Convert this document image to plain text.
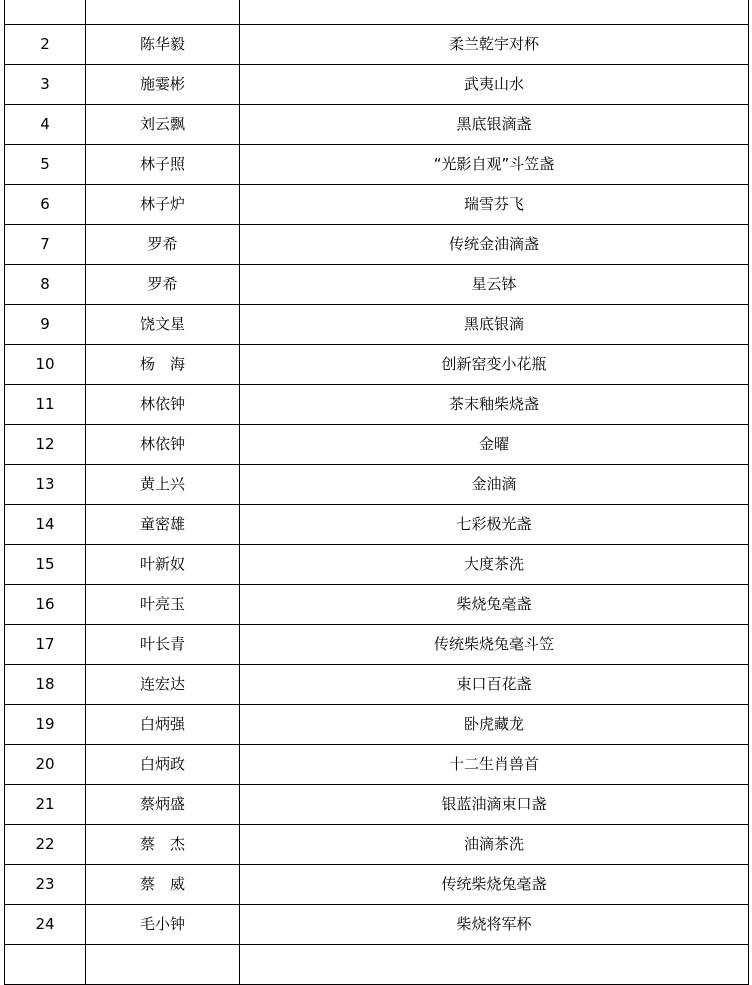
2	陈华毅	柔兰乾宇对杯
3	施霎彬	武夷山水
4	刘云飘	黑底银滴盏
5	林子照	“光影自观”斗笠盏
6	林子炉	瑞雪芬飞
7	罗希	传统金油滴盏
8	罗希	星云钵
9	饶文星	黑底银滴
10	杨　海	创新窑变小花瓶
11	林依钟	茶末釉柴烧盏
12	林依钟	金曜
13	黄上兴	金油滴
14	童密雄	七彩极光盏
15	叶新奴	大度茶洗
16	叶亮玉	柴烧兔毫盏
17	叶长青	传统柴烧兔毫斗笠
18	连宏达	束口百花盏
19	白炳强	卧虎藏龙
20	白炳政	十二生肖兽首
21	蔡炳盛	银蓝油滴束口盏
22	蔡　杰	油滴茶洗
23	蔡　威	传统柴烧兔毫盏
24	毛小钟	柴烧将军杯
